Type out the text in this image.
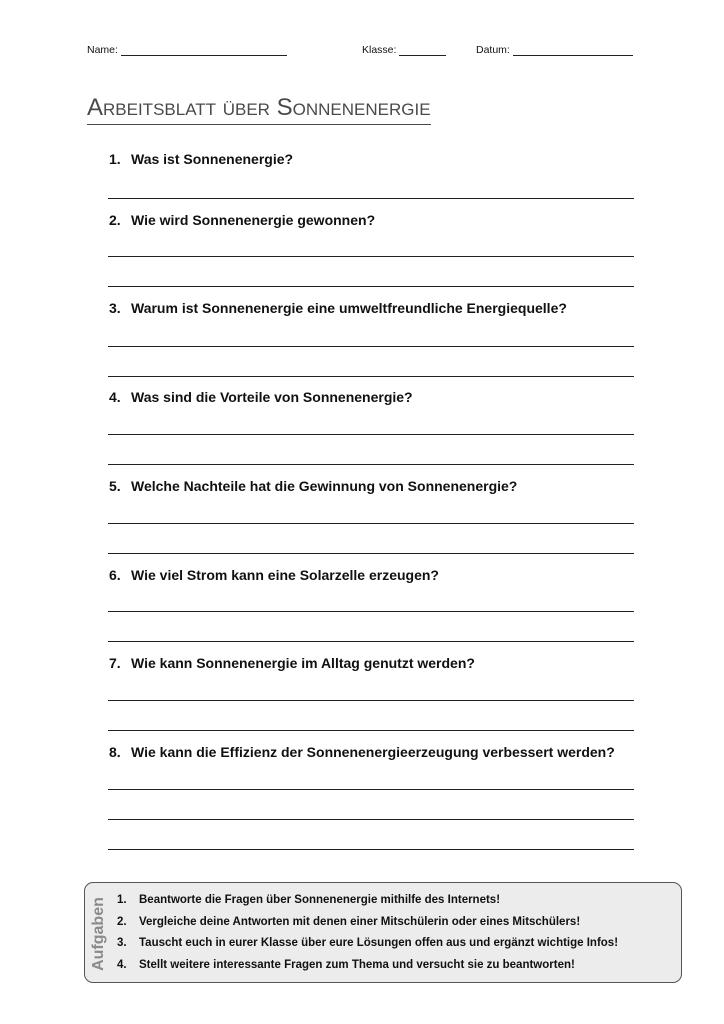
Name:	Klasse:	Datum:
Arbeitsblatt über Sonnenenergie
1. Was ist Sonnenenergie?
2. Wie wird Sonnenenergie gewonnen?
3. Warum ist Sonnenenergie eine umweltfreundliche Energiequelle?
4. Was sind die Vorteile von Sonnenenergie?
5. Welche Nachteile hat die Gewinnung von Sonnenenergie?
6. Wie viel Strom kann eine Solarzelle erzeugen?
7. Wie kann Sonnenenergie im Alltag genutzt werden?
8. Wie kann die Effizienz der Sonnenenergieerzeugung verbessert werden?
Aufgaben 1. Beantworte die Fragen über Sonnenenergie mithilfe des Internets!
2. Vergleiche deine Antworten mit denen einer Mitschülerin oder eines Mitschülers!
3. Tauscht euch in eurer Klasse über eure Lösungen offen aus und ergänzt wichtige Infos!
4. Stellt weitere interessante Fragen zum Thema und versucht sie zu beantworten!
